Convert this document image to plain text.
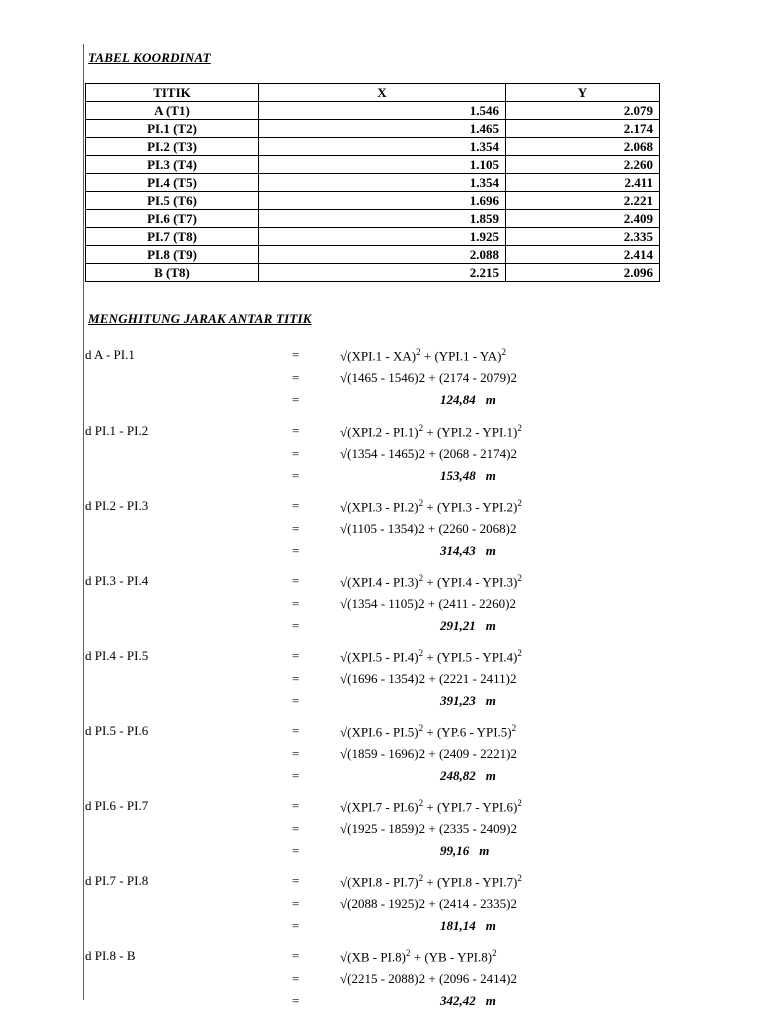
TABEL KOORDINAT
TITIK	X	Y
A (T1)	1.546	2.079
PI.1 (T2)	1.465	2.174
PI.2 (T3)	1.354	2.068
PI.3 (T4)	1.105	2.260
PI.4 (T5)	1.354	2.411
PI.5 (T6)	1.696	2.221
PI.6 (T7)	1.859	2.409
PI.7 (T8)	1.925	2.335
PI.8 (T9)	2.088	2.414
B (T8)	2.215	2.096
MENGHITUNG JARAK ANTAR TITIK
d A - PI.1	=	√(XPI.1 - XA)$^2$ + (YPI.1 - YA)$^2$
=	√(1465 - 1546)2 + (2174 - 2079)2
=	124,84 m
d PI.1 - PI.2	=	√(XPI.2 - PI.1)$^2$ + (YPI.2 - YPI.1)$^2$
=	√(1354 - 1465)2 + (2068 - 2174)2
=	153,48 m
d PI.2 - PI.3	=	√(XPI.3 - PI.2)$^2$ + (YPI.3 - YPI.2)$^2$
=	√(1105 - 1354)2 + (2260 - 2068)2
=	314,43 m
d PI.3 - PI.4	=	√(XPI.4 - PI.3)$^2$ + (YPI.4 - YPI.3)$^2$
=	√(1354 - 1105)2 + (2411 - 2260)2
=	291,21 m
d PI.4 - PI.5	=	√(XPI.5 - PI.4)$^2$ + (YPI.5 - YPI.4)$^2$
=	√(1696 - 1354)2 + (2221 - 2411)2
=	391,23 m
d PI.5 - PI.6	=	√(XPI.6 - PI.5)$^2$ + (YP.6 - YPI.5)$^2$
=	√(1859 - 1696)2 + (2409 - 2221)2
=	248,82 m
d PI.6 - PI.7	=	√(XPI.7 - PI.6)$^2$ + (YPI.7 - YPI.6)$^2$
=	√(1925 - 1859)2 + (2335 - 2409)2
=	99,16 m
d PI.7 - PI.8	=	√(XPI.8 - PI.7)$^2$ + (YPI.8 - YPI.7)$^2$
=	√(2088 - 1925)2 + (2414 - 2335)2
=	181,14 m
d PI.8 - B	=	√(XB - PI.8)$^2$ + (YB - YPI.8)$^2$
=	√(2215 - 2088)2 + (2096 - 2414)2
=	342,42 m
